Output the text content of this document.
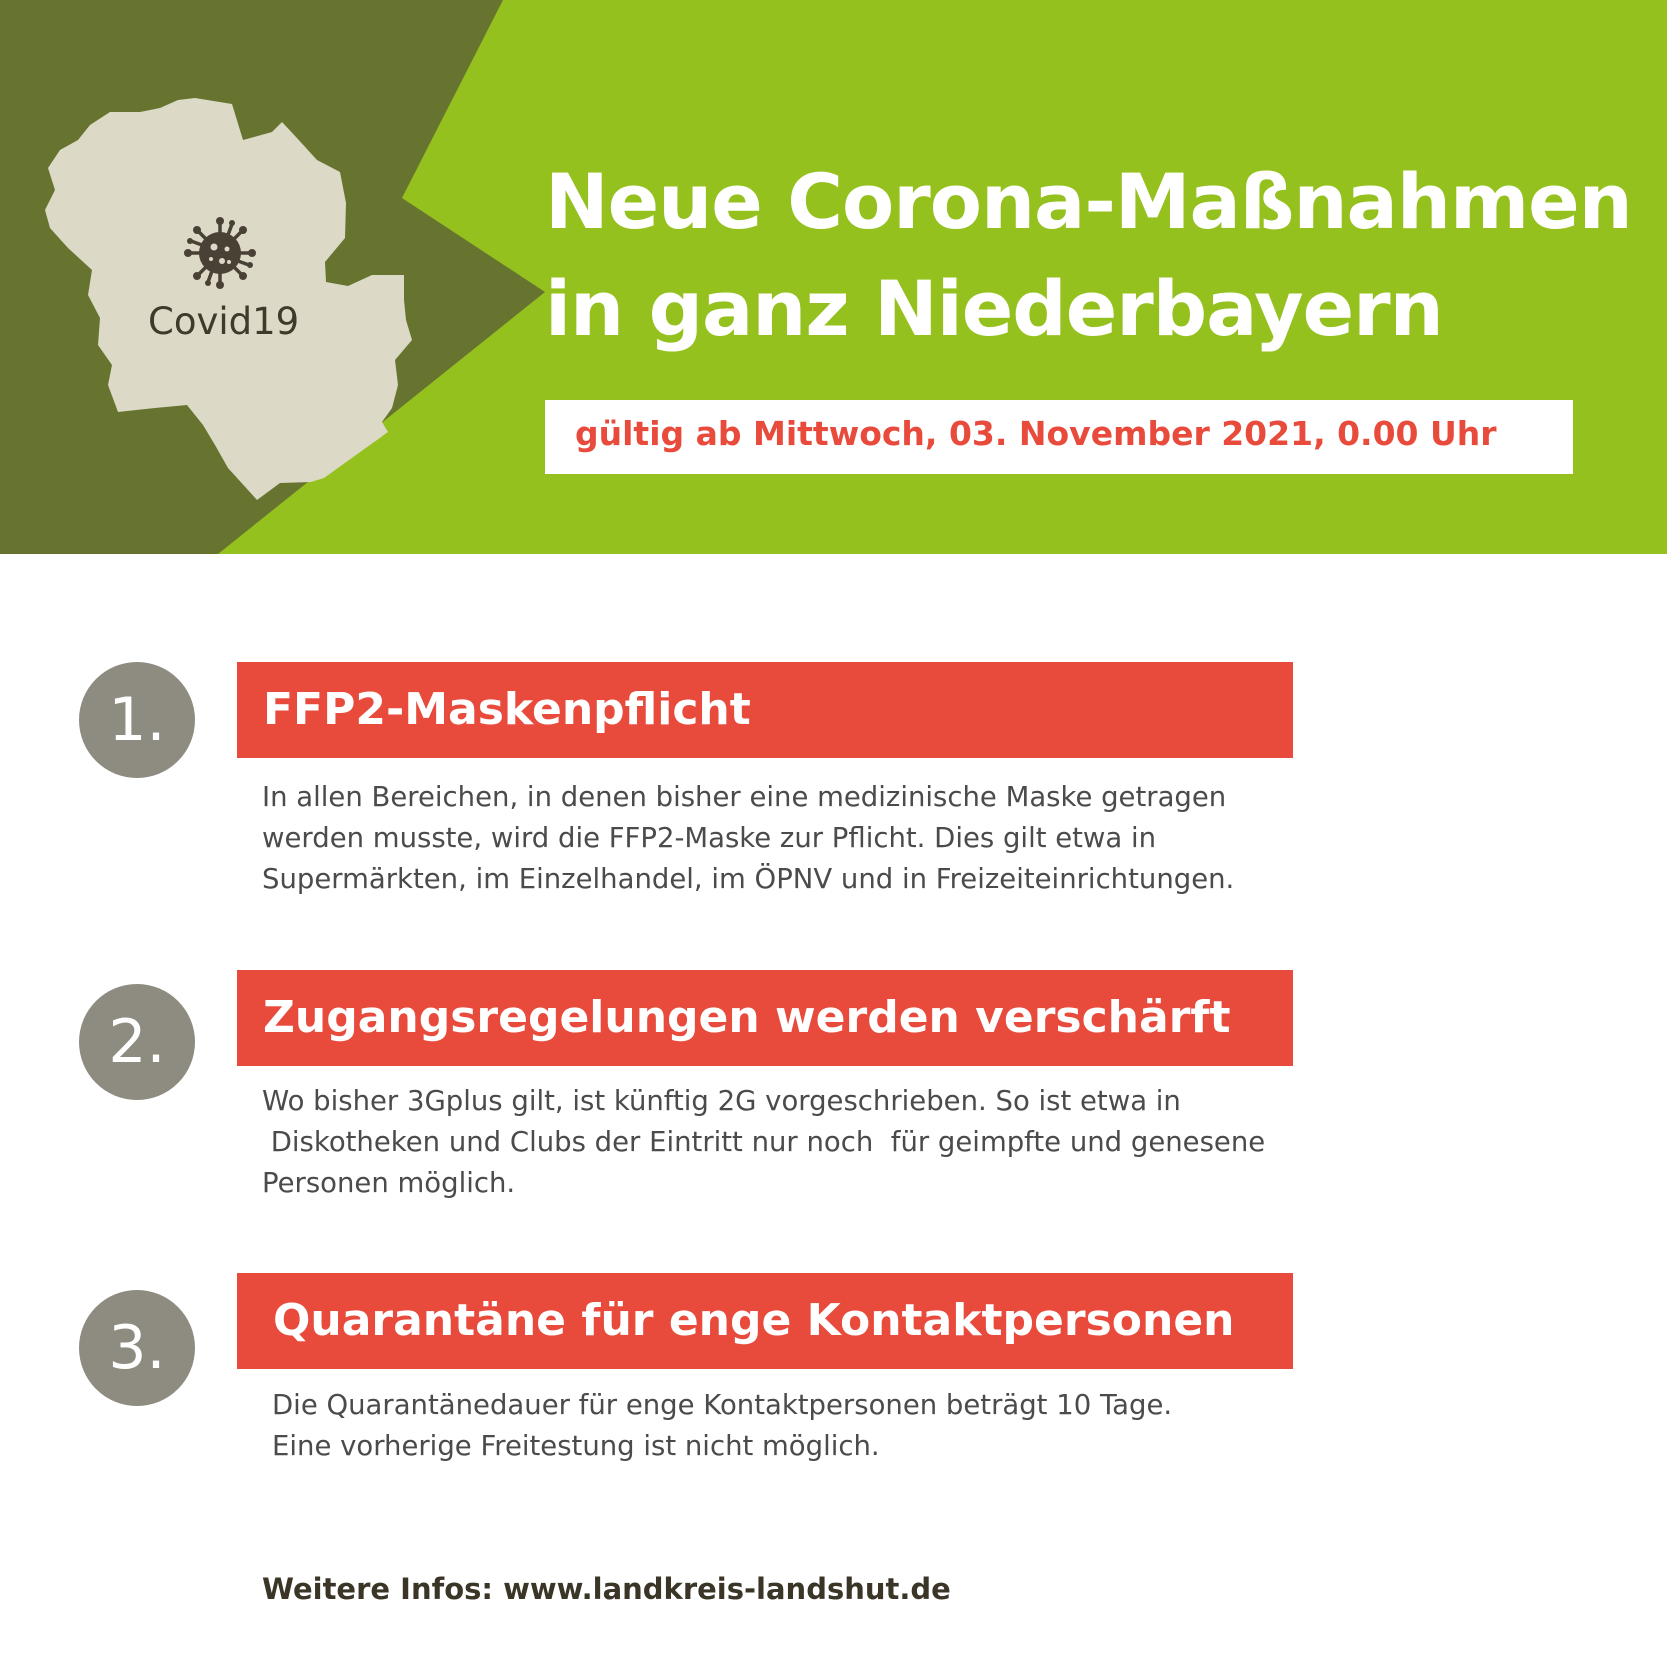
Covid19
Neue Corona-Maßnahmen
in ganz Niederbayern
gültig ab Mittwoch, 03. November 2021, 0.00 Uhr
1.	FFP2-Maskenpflicht
In allen Bereichen, in denen bisher eine medizinische Maske getragen
werden musste, wird die FFP2-Maske zur Pflicht. Dies gilt etwa in
Supermärkten, im Einzelhandel, im ÖPNV und in Freizeiteinrichtungen.
2.	Zugangsregelungen werden verschärft
Wo bisher 3Gplus gilt, ist künftig 2G vorgeschrieben. So ist etwa in
Diskotheken und Clubs der Eintritt nur noch  für geimpfte und genesene
Personen möglich.
3.	Quarantäne für enge Kontaktpersonen
Die Quarantänedauer für enge Kontaktpersonen beträgt 10 Tage.
Eine vorherige Freitestung ist nicht möglich.
Weitere Infos: www.landkreis-landshut.de
